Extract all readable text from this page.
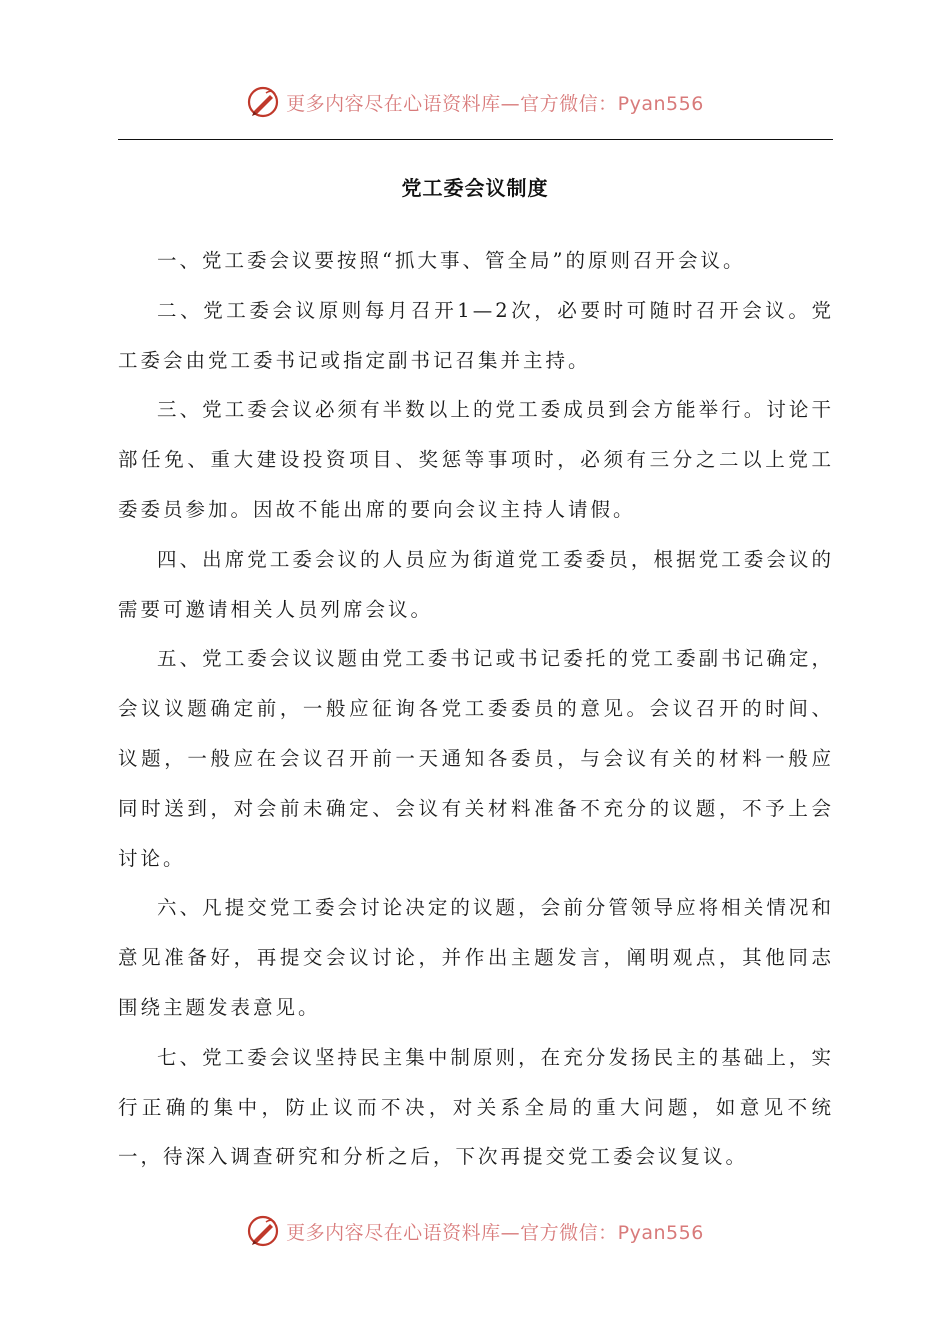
更多内容尽在心语资料库—官方微信：Pyan556
党工委会议制度

一、党工委会议要按照“抓大事、管全局”的原则召开会议。

二、党工委会议原则每月召开1—2次，必要时可随时召开会议。党工委会由党工委书记或指定副书记召集并主持。

三、党工委会议必须有半数以上的党工委成员到会方能举行。讨论干部任免、重大建设投资项目、奖惩等事项时，必须有三分之二以上党工委委员参加。因故不能出席的要向会议主持人请假。

四、出席党工委会议的人员应为街道党工委委员，根据党工委会议的需要可邀请相关人员列席会议。

五、党工委会议议题由党工委书记或书记委托的党工委副书记确定，会议议题确定前，一般应征询各党工委委员的意见。会议召开的时间、议题，一般应在会议召开前一天通知各委员，与会议有关的材料一般应同时送到，对会前未确定、会议有关材料准备不充分的议题，不予上会讨论。

六、凡提交党工委会讨论决定的议题，会前分管领导应将相关情况和意见准备好，再提交会议讨论，并作出主题发言，阐明观点，其他同志围绕主题发表意见。

七、党工委会议坚持民主集中制原则，在充分发扬民主的基础上，实行正确的集中，防止议而不决，对关系全局的重大问题，如意见不统一，待深入调查研究和分析之后，下次再提交党工委会议复议。

更多内容尽在心语资料库—官方微信：Pyan556
